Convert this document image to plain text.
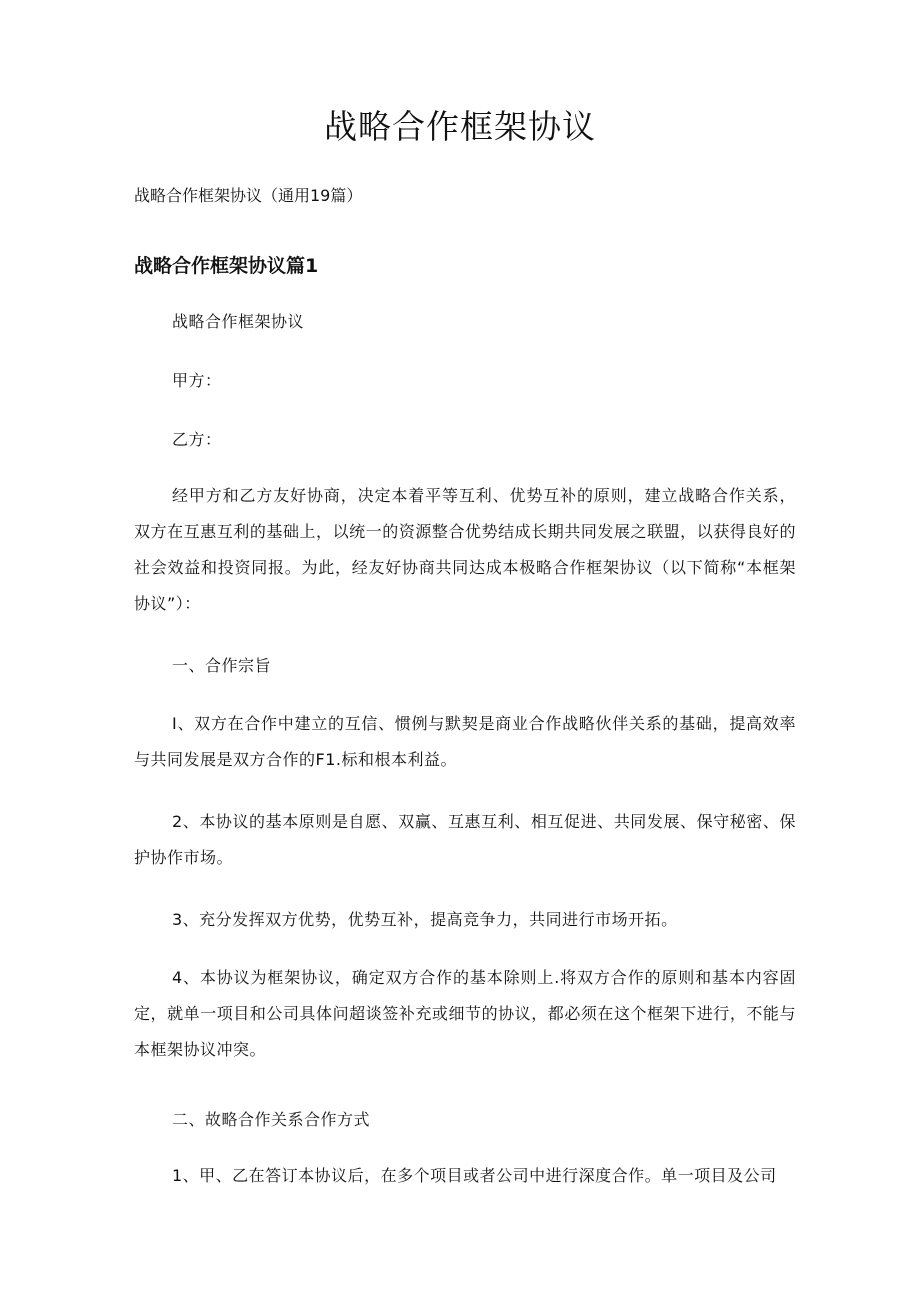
战略合作框架协议

战略合作框架协议（通用19篇）

战略合作框架协议篇1

战略合作框架协议

甲方：

乙方：

经甲方和乙方友好协商，决定本着平等互利、优势互补的原则，建立战略合作关系，双方在互惠互利的基础上，以统一的资源整合优势结成长期共同发展之联盟，以获得良好的社会效益和投资同报。为此，经友好协商共同达成本极略合作框架协议（以下简称“本框架协议”）：

一、合作宗旨

I、双方在合作中建立的互信、惯例与默契是商业合作战略伙伴关系的基础，提高效率与共同发展是双方合作的F1.标和根本利益。

2、本协议的基本原则是自愿、双赢、互惠互利、相互促进、共同发展、保守秘密、保护协作市场。

3、充分发挥双方优势，优势互补，提高竞争力，共同进行市场开拓。

4、本协议为框架协议，确定双方合作的基本除则上.将双方合作的原则和基本内容固定，就单一项目和公司具体问超谈签补充或细节的协议，都必须在这个框架下进行，不能与本框架协议冲突。

二、故略合作关系合作方式

1、甲、乙在答订本协议后，在多个项目或者公司中进行深度合作。单一项目及公司
